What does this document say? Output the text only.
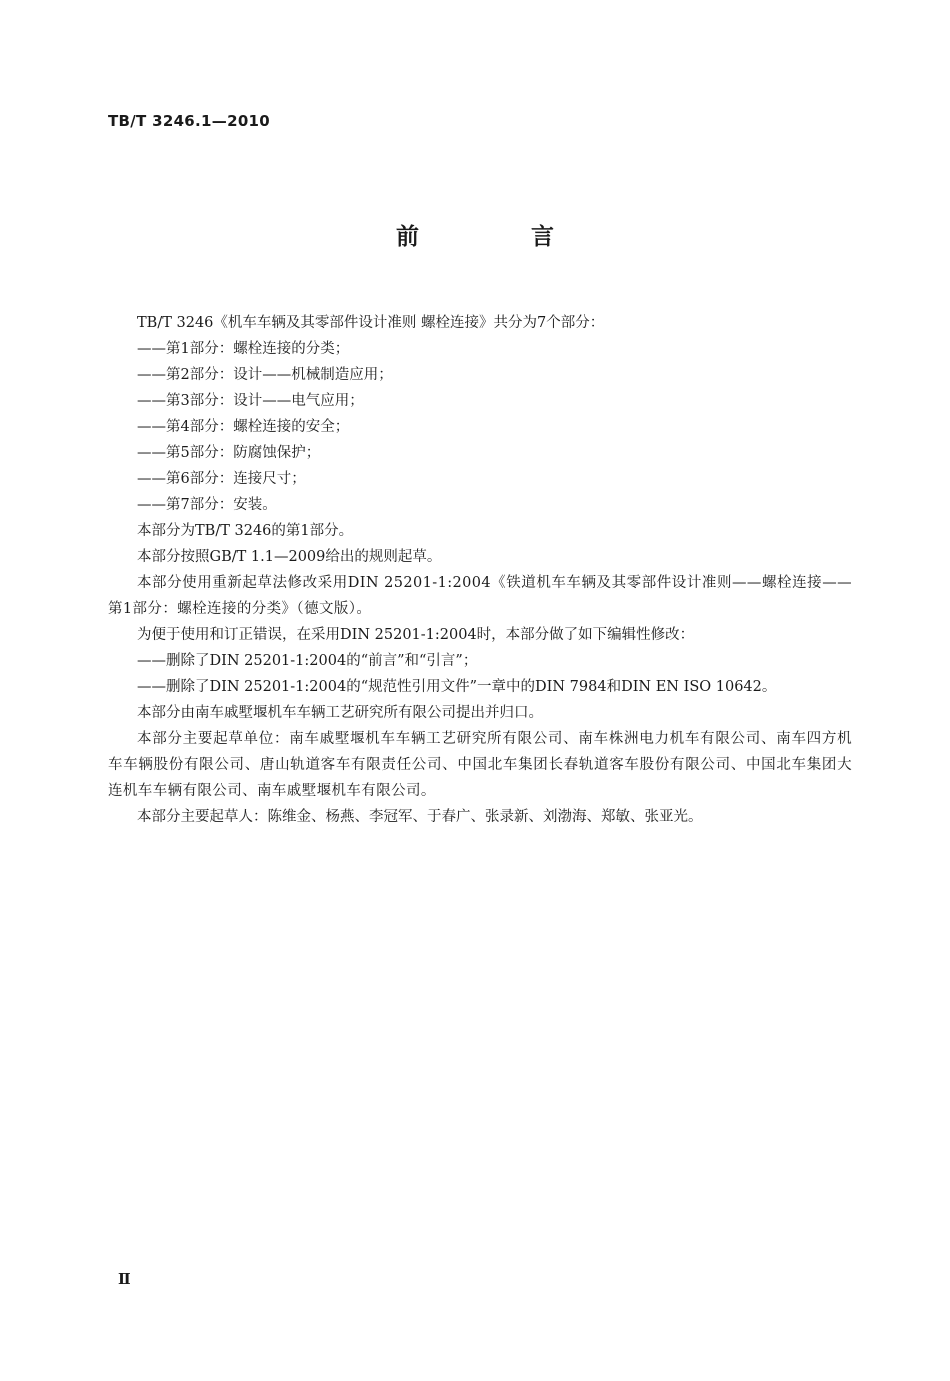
TB/T 3246.1—2010
前 言

TB/T 3246《机车车辆及其零部件设计准则 螺栓连接》共分为7个部分：

——第1部分：螺栓连接的分类；

——第2部分：设计——机械制造应用；

——第3部分：设计——电气应用；

——第4部分：螺栓连接的安全；

——第5部分：防腐蚀保护；

——第6部分：连接尺寸；

——第7部分：安装。

本部分为TB/T 3246的第1部分。

本部分按照GB/T 1.1—2009给出的规则起草。

本部分使用重新起草法修改采用DIN 25201-1:2004《铁道机车车辆及其零部件设计准则——螺栓连接——第1部分：螺栓连接的分类》（德文版）。

为便于使用和订正错误，在采用DIN 25201-1:2004时，本部分做了如下编辑性修改：

——删除了DIN 25201-1:2004的“前言”和“引言”；

——删除了DIN 25201-1:2004的“规范性引用文件”一章中的DIN 7984和DIN EN ISO 10642。

本部分由南车戚墅堰机车车辆工艺研究所有限公司提出并归口。

本部分主要起草单位：南车戚墅堰机车车辆工艺研究所有限公司、南车株洲电力机车有限公司、南车四方机车车辆股份有限公司、唐山轨道客车有限责任公司、中国北车集团长春轨道客车股份有限公司、中国北车集团大连机车车辆有限公司、南车戚墅堰机车有限公司。

本部分主要起草人：陈维金、杨燕、李冠军、于春广、张录新、刘渤海、郑敏、张亚光。

Ⅱ
